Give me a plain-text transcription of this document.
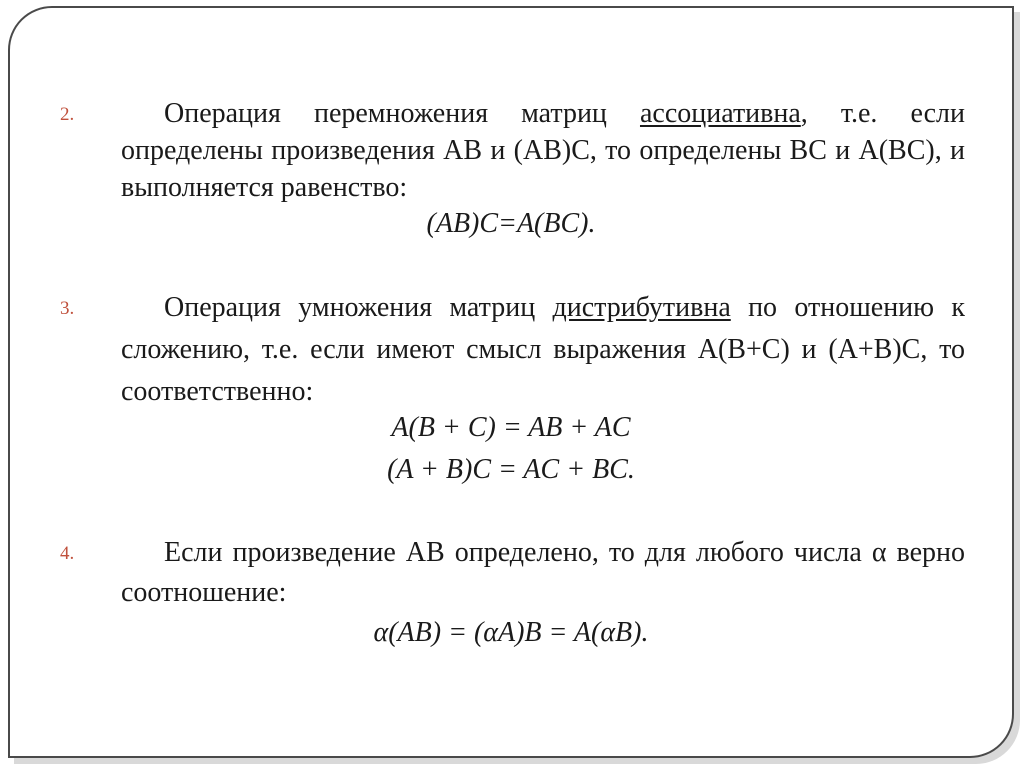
2.	Операция перемножения матриц ассоциативна, т.е. если определены произведения AB и (AB)C, то определены BC и A(BC), и выполняется равенство:
(AB)C=A(BC).
3.	Операция умножения матриц дистрибутивна по отношению к сложению, т.е. если имеют смысл выражения A(B+C) и (A+B)C, то соответственно:
A(B + C) = AB + AC
(A + B)C = AC + BC.
4.	Если произведение AB определено, то для любого числа α верно соотношение:
α(AB) = (αA)B = A(αB).
